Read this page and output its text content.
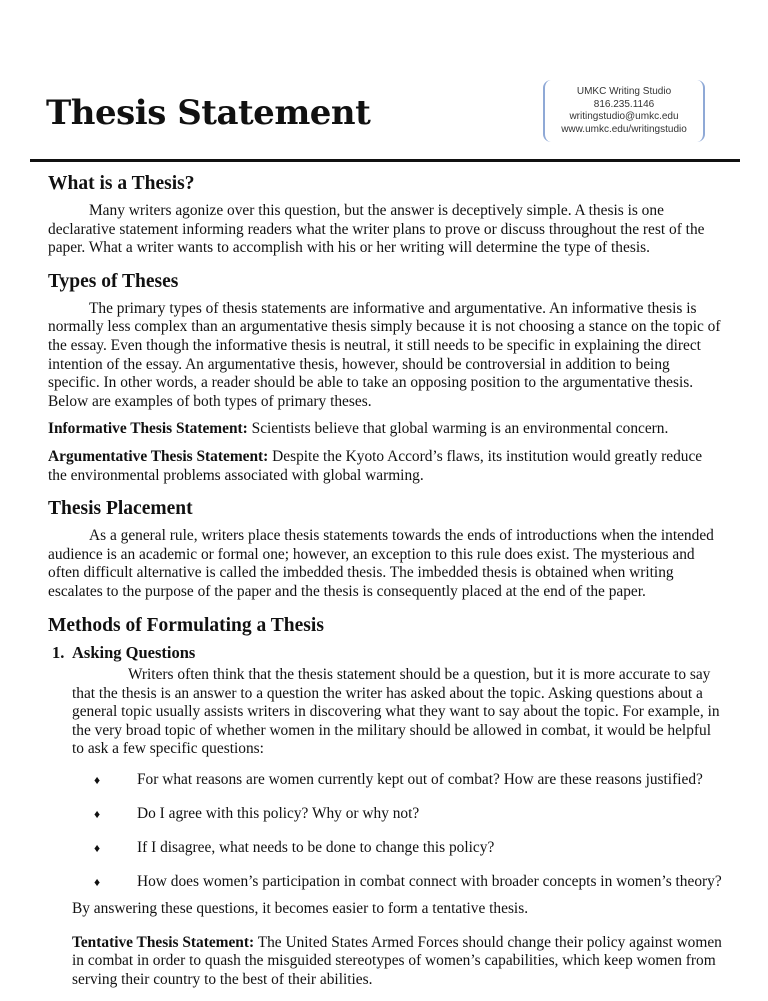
Thesis Statement
UMKC Writing Studio
816.235.1146
writingstudio@umkc.edu
www.umkc.edu/writingstudio
What is a Thesis?

Many writers agonize over this question, but the answer is deceptively simple. A thesis is one declarative statement informing readers what the writer plans to prove or discuss throughout the rest of the paper. What a writer wants to accomplish with his or her writing will determine the type of thesis.

Types of Theses

The primary types of thesis statements are informative and argumentative. An informative thesis is normally less complex than an argumentative thesis simply because it is not choosing a stance on the topic of the essay. Even though the informative thesis is neutral, it still needs to be specific in explaining the direct intention of the essay. An argumentative thesis, however, should be controversial in addition to being specific. In other words, a reader should be able to take an opposing position to the argumentative thesis. Below are examples of both types of primary theses.

Informative Thesis Statement: Scientists believe that global warming is an environmental concern.

Argumentative Thesis Statement: Despite the Kyoto Accord’s flaws, its institution would greatly reduce the environmental problems associated with global warming.

Thesis Placement

As a general rule, writers place thesis statements towards the ends of introductions when the intended audience is an academic or formal one; however, an exception to this rule does exist. The mysterious and often difficult alternative is called the imbedded thesis. The imbedded thesis is obtained when writing escalates to the purpose of the paper and the thesis is consequently placed at the end of the paper.

Methods of Formulating a Thesis
1. Asking Questions

Writers often think that the thesis statement should be a question, but it is more accurate to say that the thesis is an answer to a question the writer has asked about the topic. Asking questions about a general topic usually assists writers in discovering what they want to say about the topic. For example, in the very broad topic of whether women in the military should be allowed in combat, it would be helpful to ask a few specific questions:

♦ For what reasons are women currently kept out of combat? How are these reasons justified?
♦ Do I agree with this policy? Why or why not?
♦ If I disagree, what needs to be done to change this policy?
♦ How does women’s participation in combat connect with broader concepts in women’s theory?

By answering these questions, it becomes easier to form a tentative thesis.

Tentative Thesis Statement: The United States Armed Forces should change their policy against women in combat in order to quash the misguided stereotypes of women’s capabilities, which keep women from serving their country to the best of their abilities.
